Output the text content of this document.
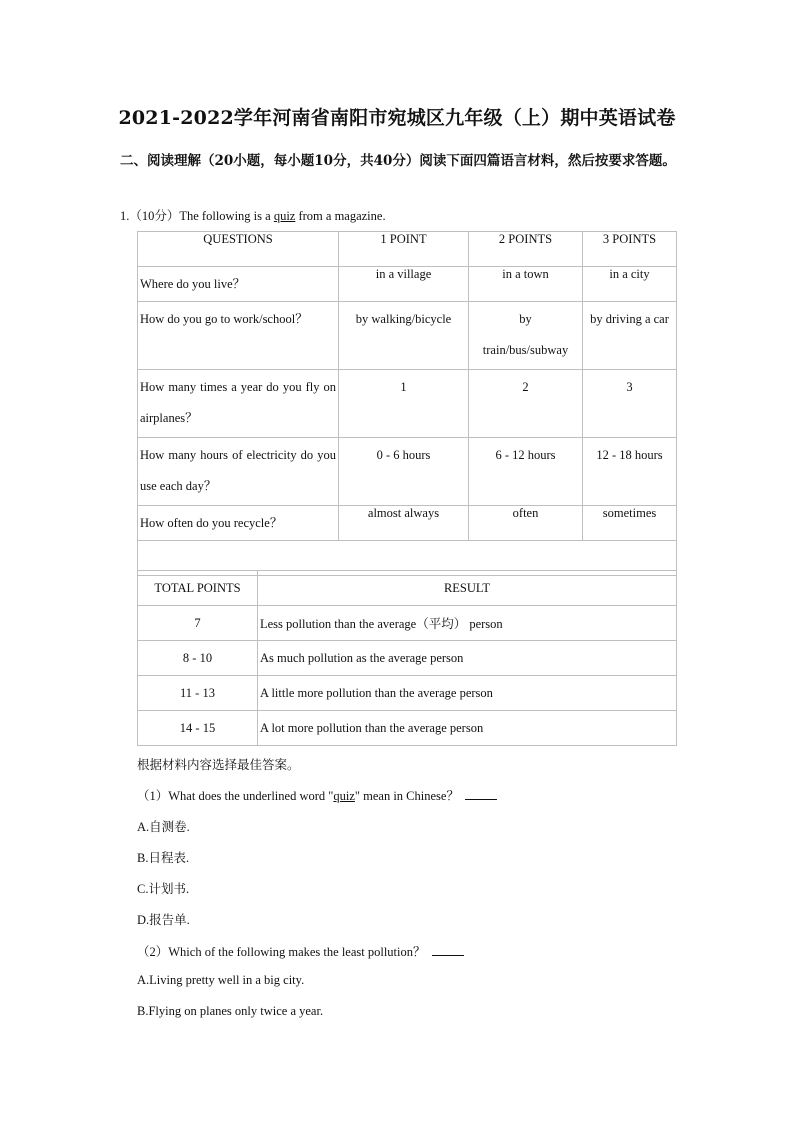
2021-2022学年河南省南阳市宛城区九年级（上）期中英语试卷
二、阅读理解（20小题，每小题10分，共40分）阅读下面四篇语言材料，然后按要求答题。
1.（10分）The following is a quiz from a magazine.
QUESTIONS	1 POINT	2 POINTS	3 POINTS
Where do you live？	in a village	in a town	in a city
How do you go to work/school？	by walking/bicycle	by train/bus/subway	by driving a car
How many times a year do you fly on airplanes？	1	2	3
How many hours of electricity do you use each day？	0 - 6 hours	6 - 12 hours	12 - 18 hours
How often do you recycle？	almost always	often	sometimes

TOTAL POINTS	RESULT
7	Less pollution than the average（平均） person
8 - 10	As much pollution as the average person
11 - 13	A little more pollution than the average person
14 - 15	A lot more pollution than the average person
根据材料内容选择最佳答案。
（1）What does the underlined word "quiz" mean in Chinese？
A.自测卷.
B.日程表.
C.计划书.
D.报告单.
（2）Which of the following makes the least pollution？
A.Living pretty well in a big city.
B.Flying on planes only twice a year.
